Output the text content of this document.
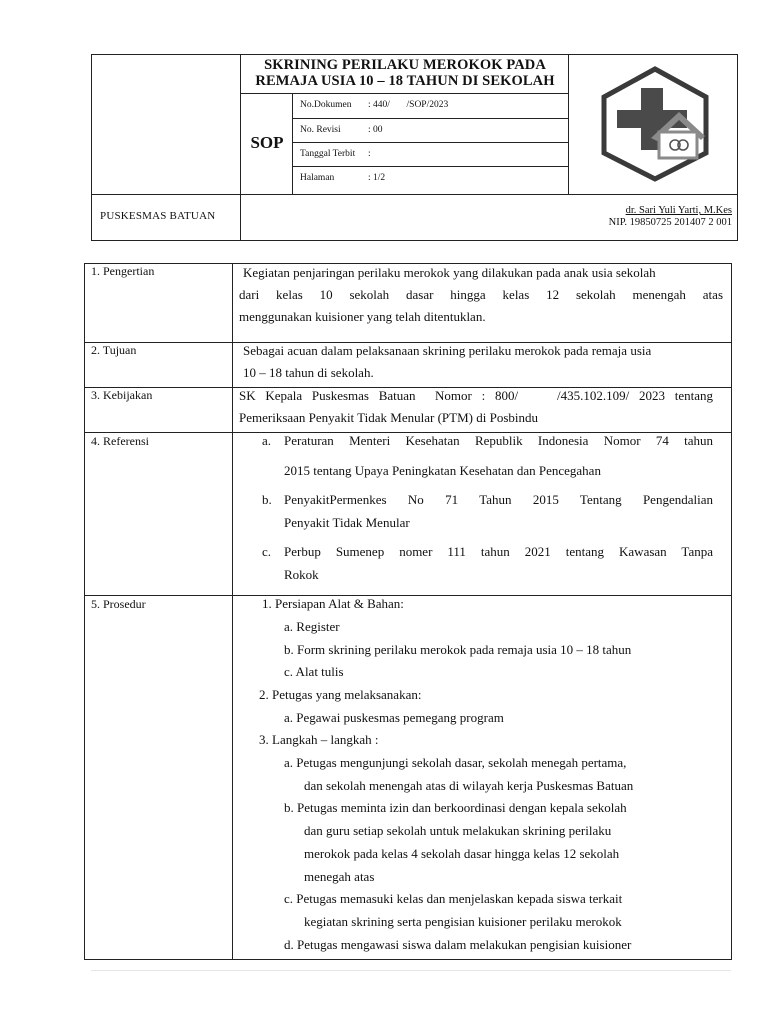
SKRINING PERILAKU MEROKOK PADA
REMAJA USIA 10 – 18 TAHUN DI SEKOLAH
SOP
No.Dokumen : 440/       /SOP/2023
No. Revisi	: 00
Tanggal Terbit :
Halaman	: 1/2
PUSKESMAS BATUAN	dr. Sari Yuli Yarti, M.Kes
NIP. 19850725 201407 2 001
1. Pengertian	Kegiatan penjaringan perilaku merokok yang dilakukan pada anak usia sekolah
dari kelas 10 sekolah dasar hingga kelas 12 sekolah menengah atas
menggunakan kuisioner yang telah ditentuklan.
2. Tujuan	Sebagai acuan dalam pelaksanaan skrining perilaku merokok pada remaja usia
10 – 18 tahun di sekolah.
3. Kebijakan	SK Kepala Puskesmas Batuan  Nomor : 800/    /435.102.109/ 2023 tentang
Pemeriksaan Penyakit Tidak Menular (PTM) di Posbindu
4. Referensi	a. Peraturan Menteri Kesehatan Republik Indonesia Nomor 74 tahun
2015 tentang Upaya Peningkatan Kesehatan dan Pencegahan
b. PenyakitPermenkes No 71 Tahun 2015 Tentang Pengendalian
Penyakit Tidak Menular
c. Perbup Sumenep nomer 111 tahun 2021 tentang Kawasan Tanpa
Rokok
5. Prosedur	1. Persiapan Alat & Bahan:
a. Register
b. Form skrining perilaku merokok pada remaja usia 10 – 18 tahun
c. Alat tulis
2. Petugas yang melaksanakan:
a. Pegawai puskesmas pemegang program
3. Langkah – langkah :
a. Petugas mengunjungi sekolah dasar, sekolah menegah pertama,
dan sekolah menengah atas di wilayah kerja Puskesmas Batuan
b. Petugas meminta izin dan berkoordinasi dengan kepala sekolah
dan guru setiap sekolah untuk melakukan skrining perilaku
merokok pada kelas 4 sekolah dasar hingga kelas 12 sekolah
menegah atas
c. Petugas memasuki kelas dan menjelaskan kepada siswa terkait
kegiatan skrining serta pengisian kuisioner perilaku merokok
d. Petugas mengawasi siswa dalam melakukan pengisian kuisioner
